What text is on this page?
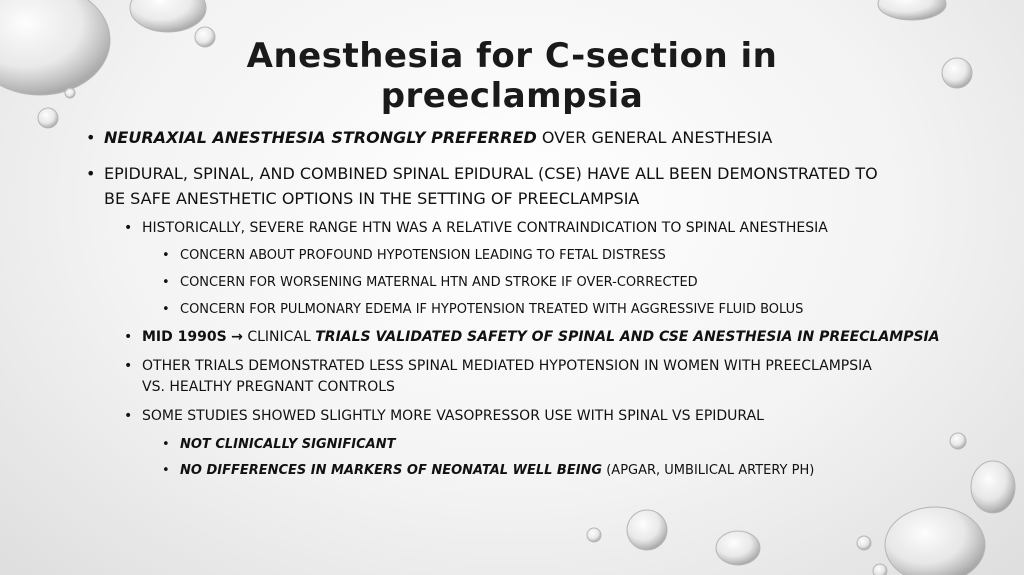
Anesthesia for C-section in
preeclampsia
• NEURAXIAL ANESTHESIA STRONGLY PREFERRED OVER GENERAL ANESTHESIA
• EPIDURAL, SPINAL, AND COMBINED SPINAL EPIDURAL (CSE) HAVE ALL BEEN DEMONSTRATED TO
BE SAFE ANESTHETIC OPTIONS IN THE SETTING OF PREECLAMPSIA
• HISTORICALLY, SEVERE RANGE HTN WAS A RELATIVE CONTRAINDICATION TO SPINAL ANESTHESIA
• CONCERN ABOUT PROFOUND HYPOTENSION LEADING TO FETAL DISTRESS
• CONCERN FOR WORSENING MATERNAL HTN AND STROKE IF OVER-CORRECTED
• CONCERN FOR PULMONARY EDEMA IF HYPOTENSION TREATED WITH AGGRESSIVE FLUID BOLUS
• MID 1990S → CLINICAL TRIALS VALIDATED SAFETY OF SPINAL AND CSE ANESTHESIA IN PREECLAMPSIA
• OTHER TRIALS DEMONSTRATED LESS SPINAL MEDIATED HYPOTENSION IN WOMEN WITH PREECLAMPSIA
VS. HEALTHY PREGNANT CONTROLS
• SOME STUDIES SHOWED SLIGHTLY MORE VASOPRESSOR USE WITH SPINAL VS EPIDURAL
• NOT CLINICALLY SIGNIFICANT
• NO DIFFERENCES IN MARKERS OF NEONATAL WELL BEING (APGAR, UMBILICAL ARTERY PH)
